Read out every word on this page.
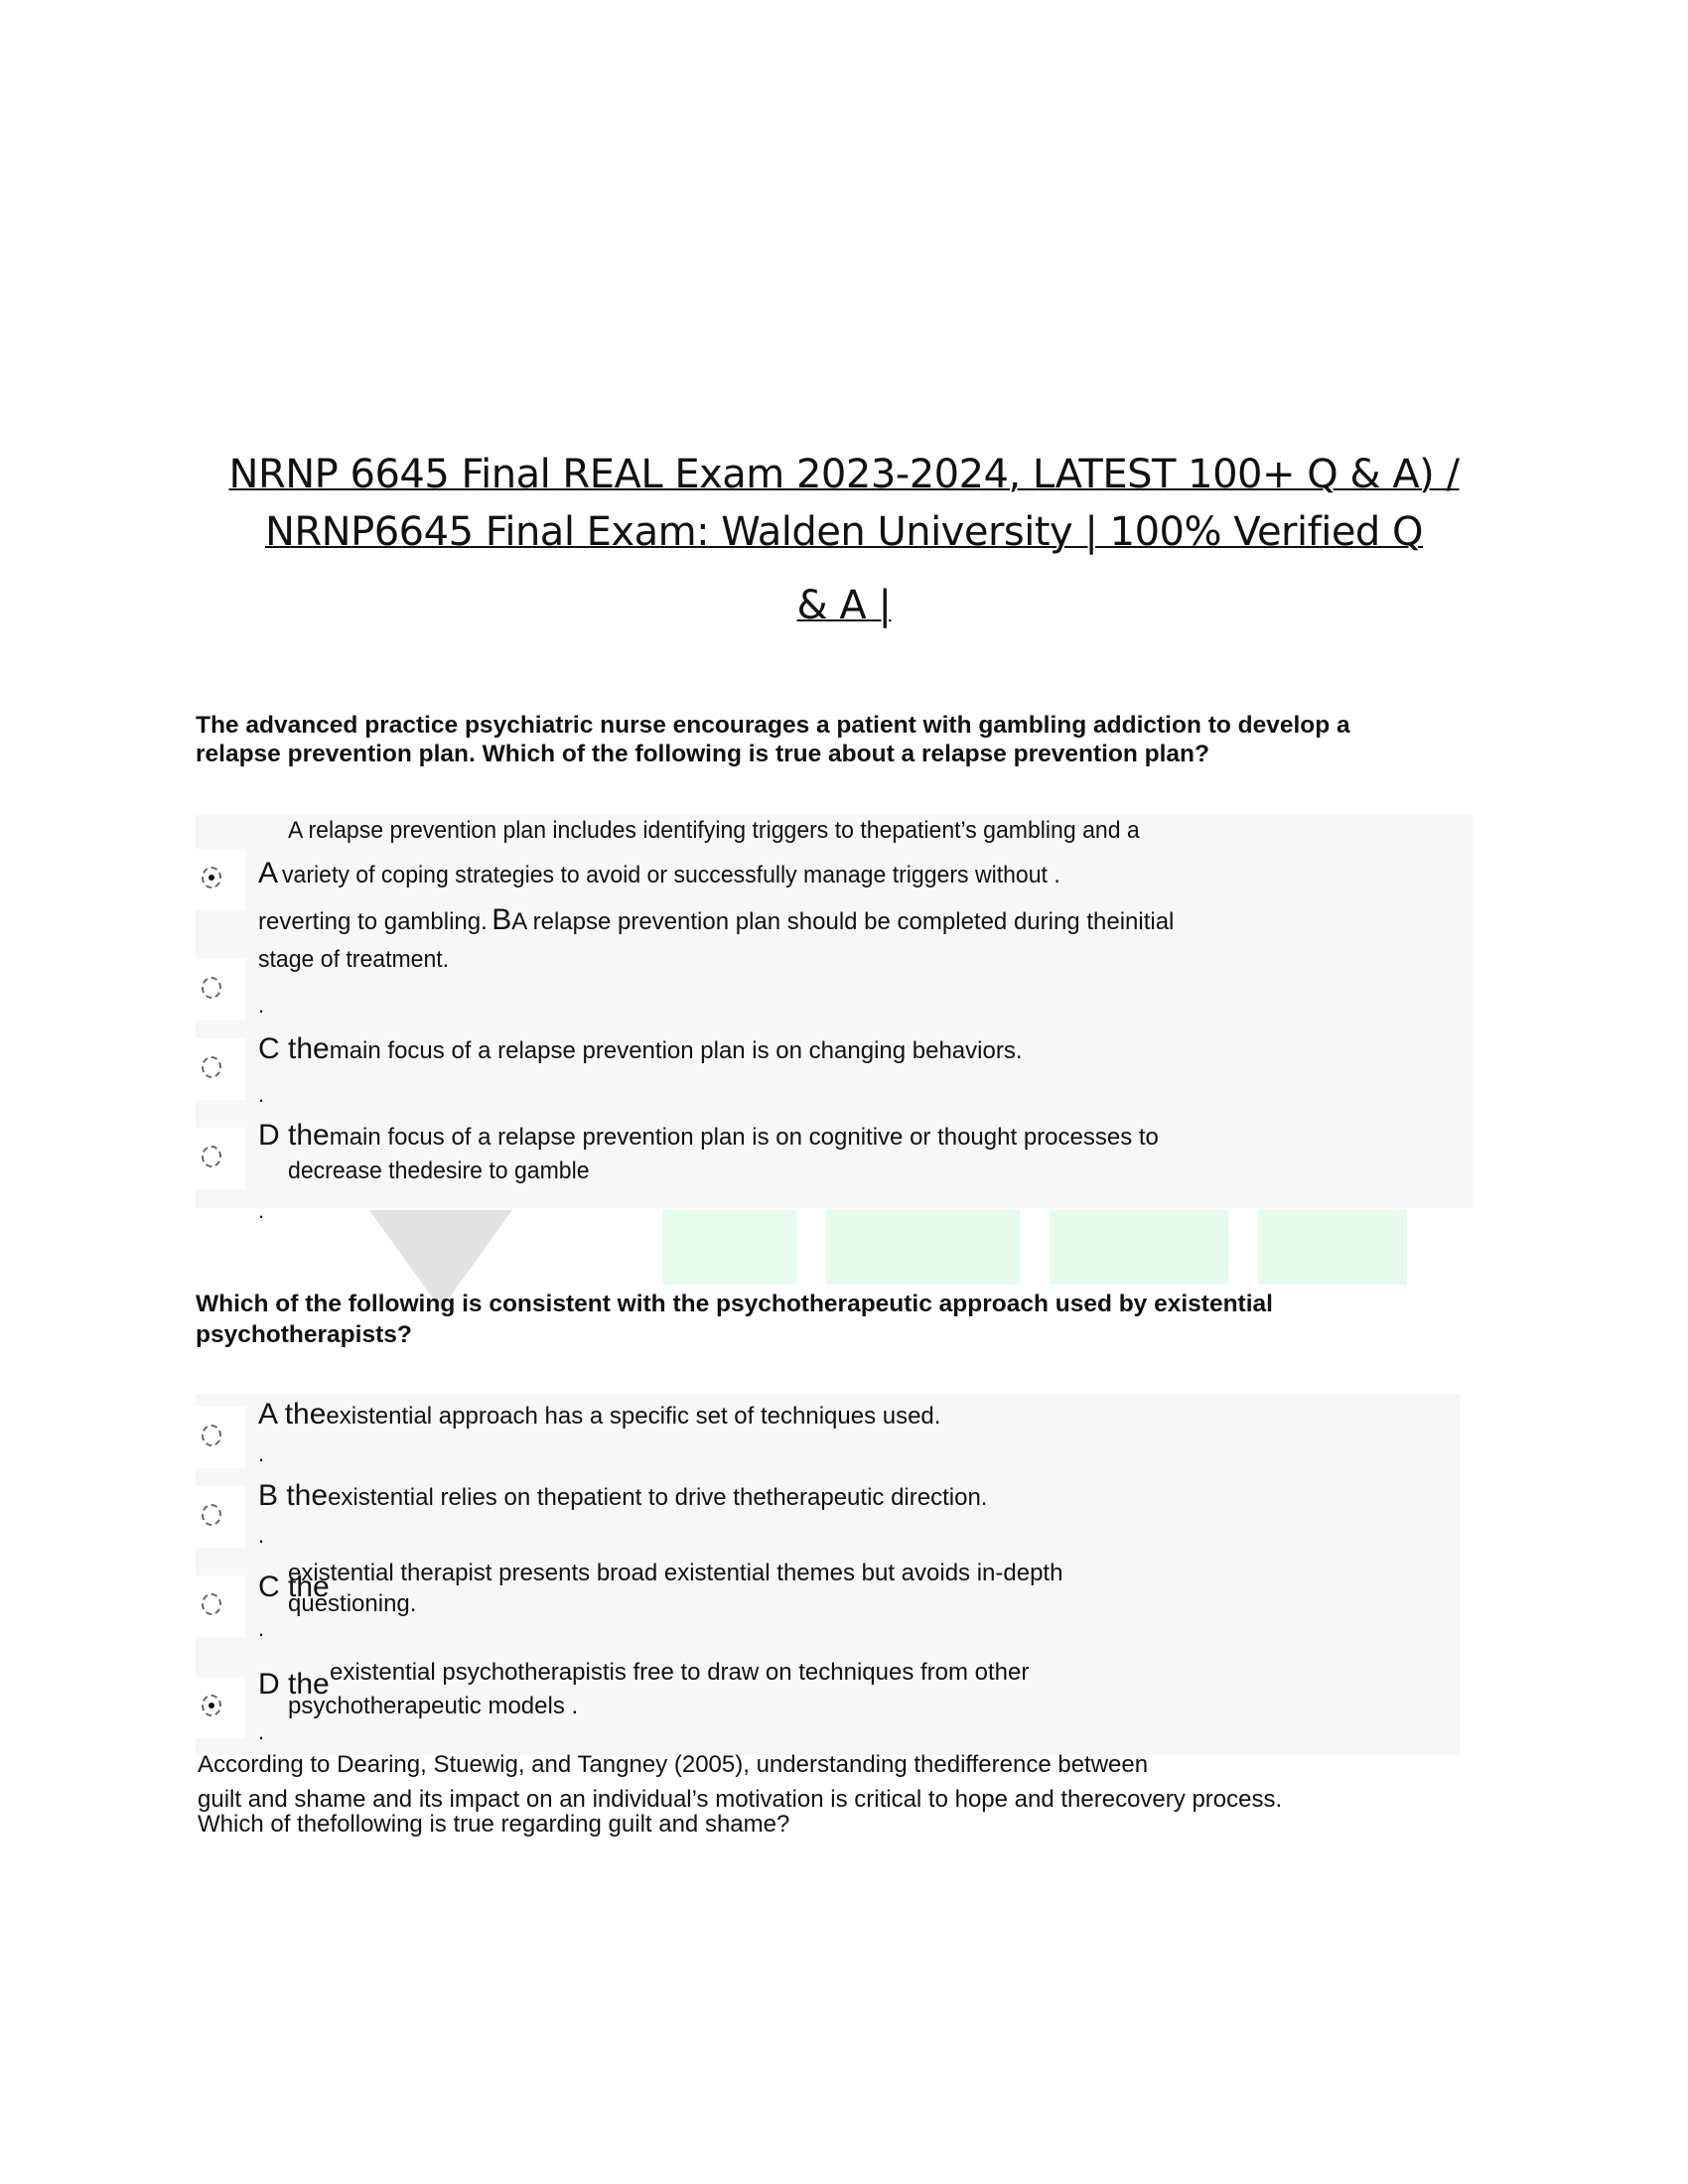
NRNP 6645 Final REAL Exam 2023-2024, LATEST 100+ Q & A) /
NRNP6645 Final Exam: Walden University | 100% Verified Q
& A |
The advanced practice psychiatric nurse encourages a patient with gambling addiction to develop a
relapse prevention plan. Which of the following is true about a relapse prevention plan?
A relapse prevention plan includes identifying triggers to thepatient’s gambling and a
A variety of coping strategies to avoid or successfully manage triggers without .
reverting to gambling. BA relapse prevention plan should be completed during theinitial
stage of treatment.
.
C themain focus of a relapse prevention plan is on changing behaviors.
.
D themain focus of a relapse prevention plan is on cognitive or thought processes to
decrease thedesire to gamble
.
Which of the following is consistent with the psychotherapeutic approach used by existential
psychotherapists?
A theexistential approach has a specific set of techniques used.
.
B theexistential relies on thepatient to drive thetherapeutic direction.
.
C the
existential therapist presents broad existential themes but avoids in-depth
questioning.
.
D the existential psychotherapistis free to draw on techniques from other
psychotherapeutic models .
.
According to Dearing, Stuewig, and Tangney (2005), understanding thedifference between
guilt and shame and its impact on an individual’s motivation is critical to hope and therecovery process.
Which of thefollowing is true regarding guilt and shame?
